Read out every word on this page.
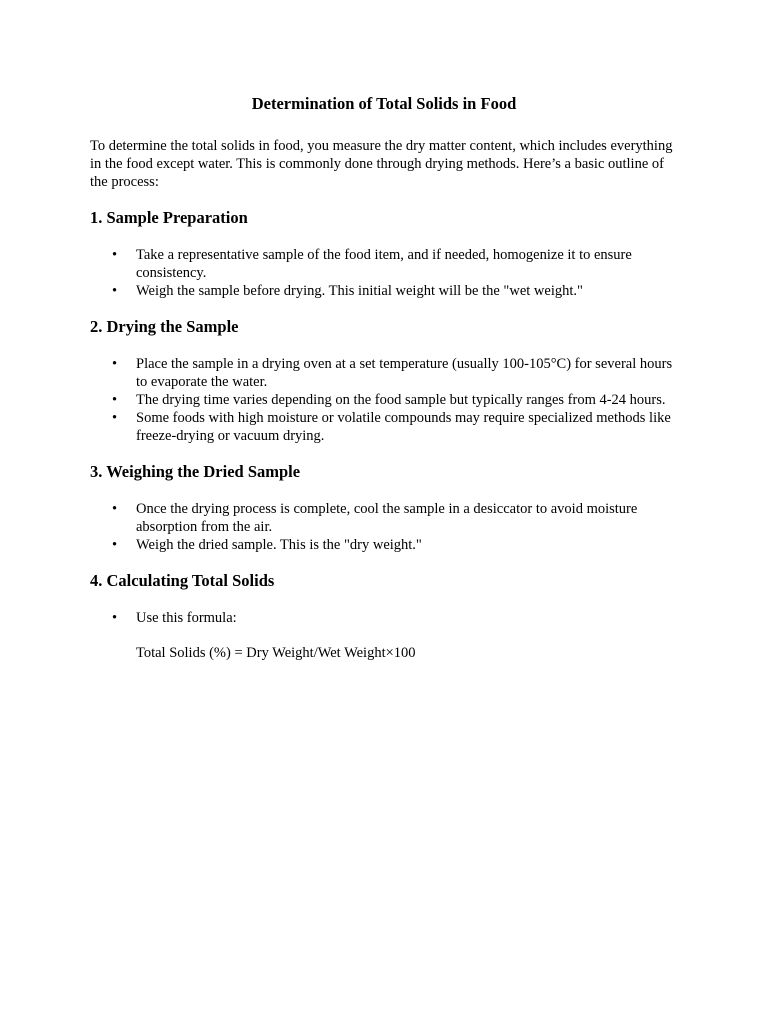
Determination of Total Solids in Food

To determine the total solids in food, you measure the dry matter content, which includes everything in the food except water. This is commonly done through drying methods. Here’s a basic outline of the process:

1. Sample Preparation
• Take a representative sample of the food item, and if needed, homogenize it to ensure consistency.
• Weigh the sample before drying. This initial weight will be the "wet weight."
2. Drying the Sample
• Place the sample in a drying oven at a set temperature (usually 100-105°C) for several hours to evaporate the water.
• The drying time varies depending on the food sample but typically ranges from 4-24 hours.
• Some foods with high moisture or volatile compounds may require specialized methods like freeze-drying or vacuum drying.
3. Weighing the Dried Sample
• Once the drying process is complete, cool the sample in a desiccator to avoid moisture absorption from the air.
• Weigh the dried sample. This is the "dry weight."
4. Calculating Total Solids
• Use this formula:

Total Solids (%) = Dry Weight/Wet Weight×100
